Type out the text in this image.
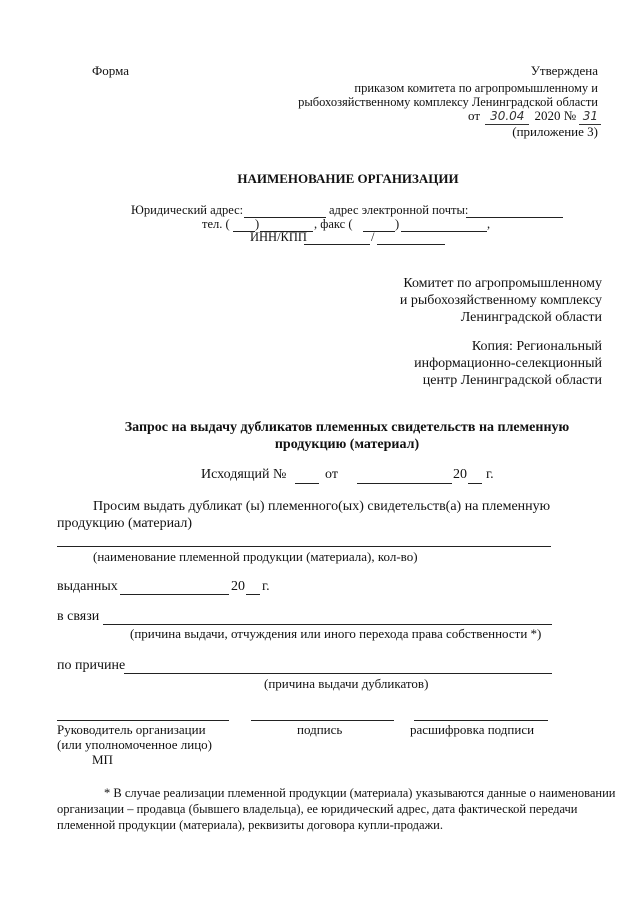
Форма	Утверждена
приказом комитета по агропромышленному и
рыбохозяйственному комплексу Ленинградской области
от 30.04 2020 № 31
(приложение 3)
НАИМЕНОВАНИЕ ОРГАНИЗАЦИИ
Юридический адрес:	адрес электронной почты:
тел. ( )	, факс (	)	,
ИНН/КПП	/
Комитет по агропромышленному
и рыбохозяйственному комплексу
Ленинградской области
Копия: Региональный
информационно-селекционный
центр Ленинградской области
Запрос на выдачу дубликатов племенных свидетельств на племенную
продукцию (материал)
Исходящий №	от	20 г.
Просим выдать дубликат (ы) племенного(ых) свидетельств(а) на племенную
продукцию (материал)
(наименование племенной продукции (материала), кол-во)
выданных	20 г.
в связи
(причина выдачи, отчуждения или иного перехода права собственности *)
по причине
(причина выдачи дубликатов)
Руководитель организации
(или уполномоченное лицо)
МП
подпись	расшифровка подписи
* В случае реализации племенной продукции (материала) указываются данные о наименовании
организации – продавца (бывшего владельца), ее юридический адрес, дата фактической передачи
племенной продукции (материала), реквизиты договора купли-продажи.
